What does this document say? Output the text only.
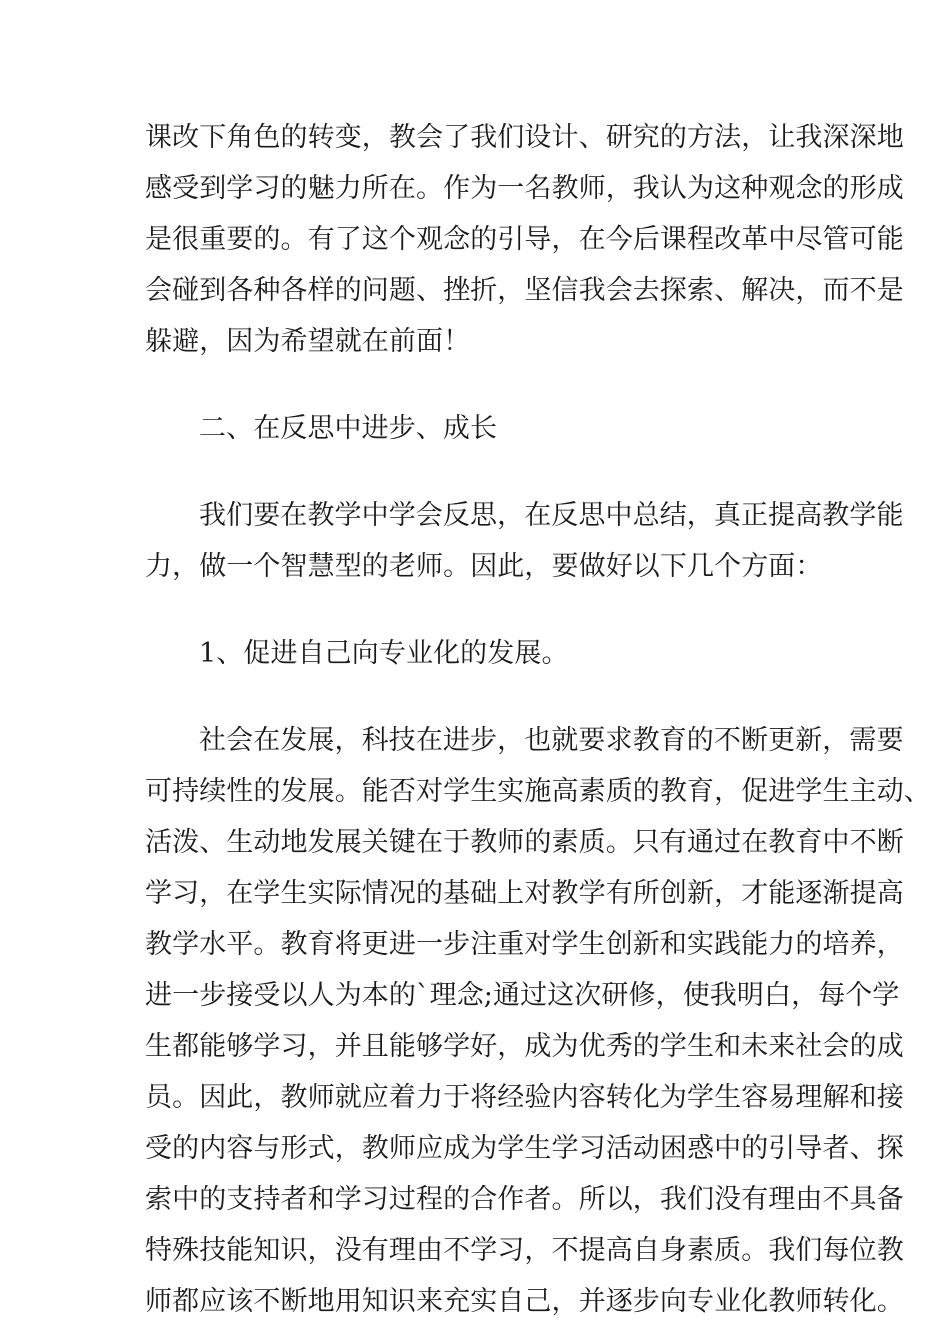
课改下角色的转变，教会了我们设计、研究的方法，让我深深地
感受到学习的魅力所在。作为一名教师，我认为这种观念的形成
是很重要的。有了这个观念的引导，在今后课程改革中尽管可能
会碰到各种各样的问题、挫折，坚信我会去探索、解决，而不是
躲避，因为希望就在前面！
二、在反思中进步、成长
我们要在教学中学会反思，在反思中总结，真正提高教学能
力，做一个智慧型的老师。因此，要做好以下几个方面：
1、促进自己向专业化的发展。
社会在发展，科技在进步，也就要求教育的不断更新，需要
可持续性的发展。能否对学生实施高素质的教育，促进学生主动、
活泼、生动地发展关键在于教师的素质。只有通过在教育中不断
学习，在学生实际情况的基础上对教学有所创新，才能逐渐提高
教学水平。教育将更进一步注重对学生创新和实践能力的培养，
进一步接受以人为本的`理念;通过这次研修，使我明白，每个学
生都能够学习，并且能够学好，成为优秀的学生和未来社会的成
员。因此，教师就应着力于将经验内容转化为学生容易理解和接
受的内容与形式，教师应成为学生学习活动困惑中的引导者、探
索中的支持者和学习过程的合作者。所以，我们没有理由不具备
特殊技能知识，没有理由不学习，不提高自身素质。我们每位教
师都应该不断地用知识来充实自己，并逐步向专业化教师转化。
